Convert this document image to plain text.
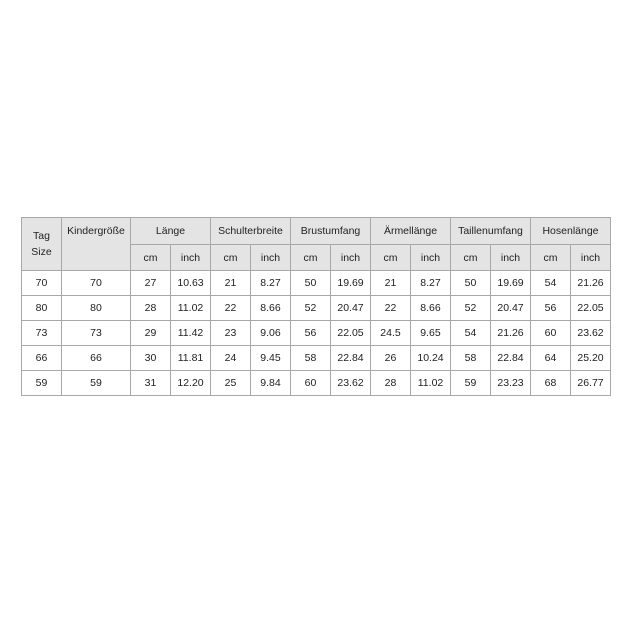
Tag
Size	Kindergröße	Länge		Schulterbreite		Brustumfang		Ärmellänge		Taillenumfang		Hosenlänge	
		cm	inch	cm	inch	cm	inch	cm	inch	cm	inch	cm	inch
70	70	27	10.63	21	8.27	50	19.69	21	8.27	50	19.69	54	21.26
80	80	28	11.02	22	8.66	52	20.47	22	8.66	52	20.47	56	22.05
73	73	29	11.42	23	9.06	56	22.05	24.5	9.65	54	21.26	60	23.62
66	66	30	11.81	24	9.45	58	22.84	26	10.24	58	22.84	64	25.20
59	59	31	12.20	25	9.84	60	23.62	28	11.02	59	23.23	68	26.77
